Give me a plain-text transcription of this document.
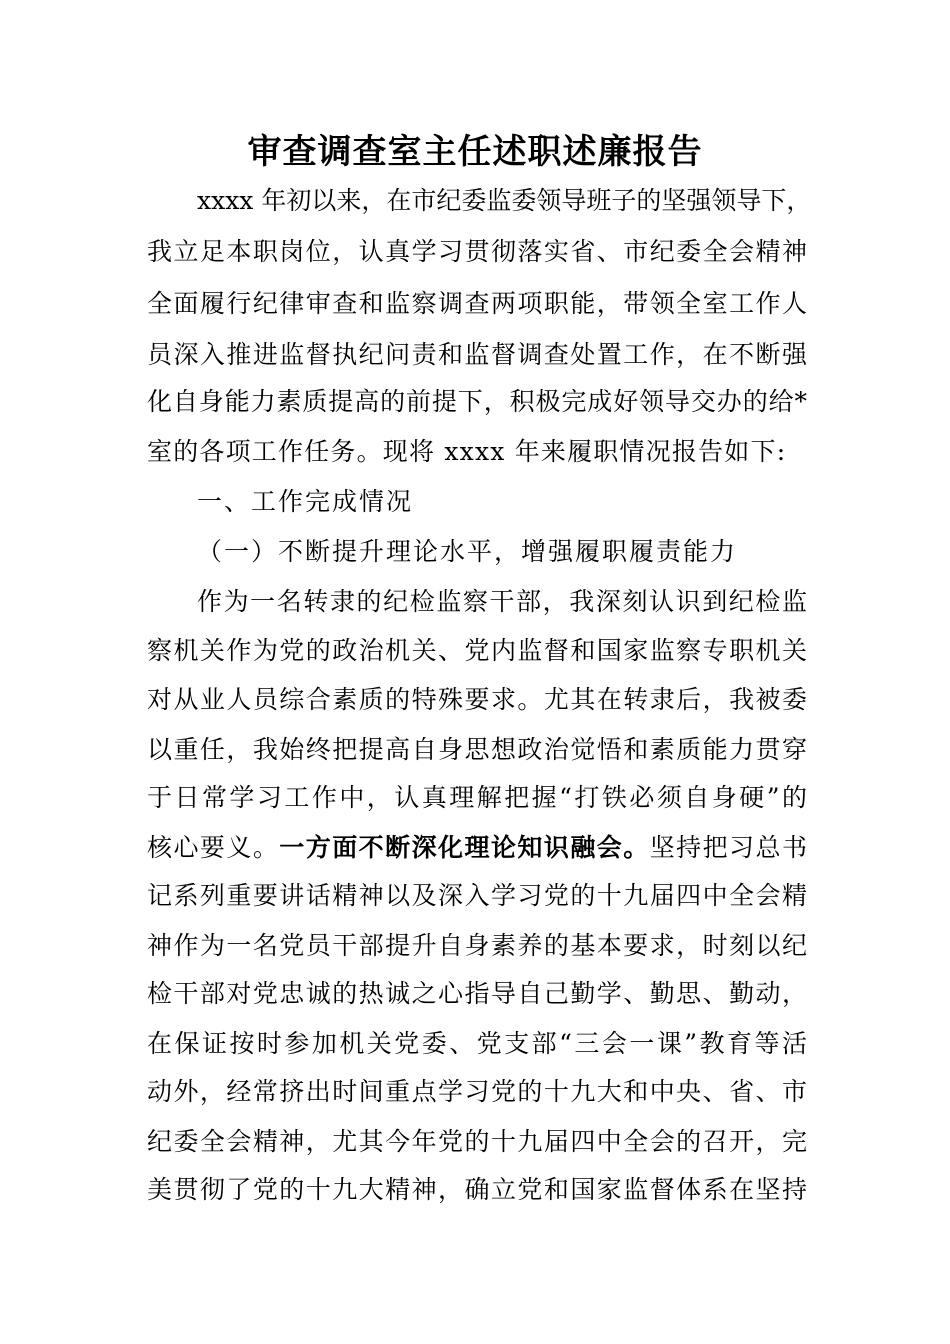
审查调查室主任述职述廉报告
xxxx 年初以来，在市纪委监委领导班子的坚强领导下，
我立足本职岗位，认真学习贯彻落实省、市纪委全会精神
全面履行纪律审查和监察调查两项职能，带领全室工作人
员深入推进监督执纪问责和监督调查处置工作，在不断强
化自身能力素质提高的前提下，积极完成好领导交办的给*
室的各项工作任务。现将 xxxx 年来履职情况报告如下:
一、工作完成情况
（一）不断提升理论水平，增强履职履责能力
作为一名转隶的纪检监察干部，我深刻认识到纪检监
察机关作为党的政治机关、党内监督和国家监察专职机关
对从业人员综合素质的特殊要求。尤其在转隶后，我被委
以重任，我始终把提高自身思想政治觉悟和素质能力贯穿
于日常学习工作中，认真理解把握“打铁必须自身硬”的
核心要义。一方面不断深化理论知识融会。坚持把习总书
记系列重要讲话精神以及深入学习党的十九届四中全会精
神作为一名党员干部提升自身素养的基本要求，时刻以纪
检干部对党忠诚的热诚之心指导自己勤学、勤思、勤动，
在保证按时参加机关党委、党支部“三会一课”教育等活
动外，经常挤出时间重点学习党的十九大和中央、省、市
纪委全会精神，尤其今年党的十九届四中全会的召开，完
美贯彻了党的十九大精神，确立党和国家监督体系在坚持
